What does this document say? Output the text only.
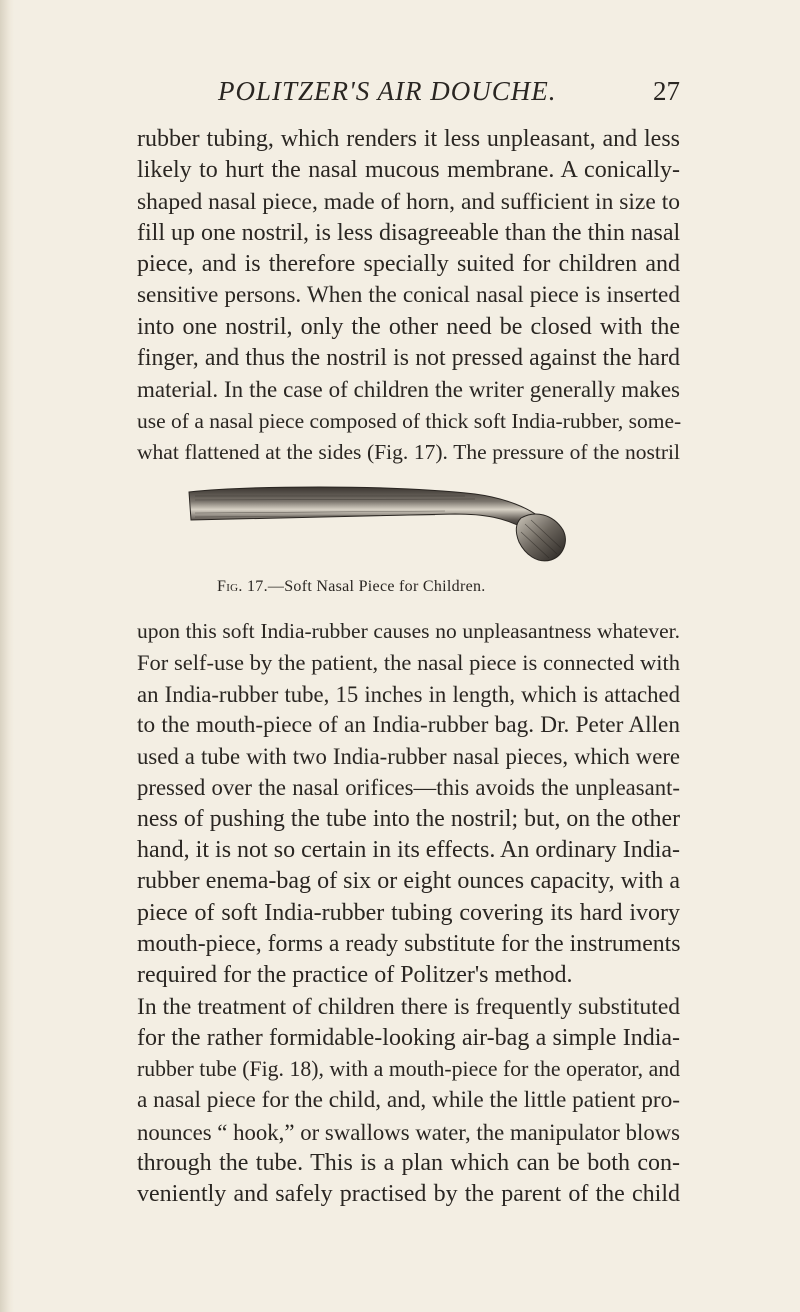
POLITZER'S AIR DOUCHE.	27
rubber tubing, which renders it less unpleasant, and less
likely to hurt the nasal mucous membrane. A conically-
shaped nasal piece, made of horn, and sufficient in size to
fill up one nostril, is less disagreeable than the thin nasal
piece, and is therefore specially suited for children and
sensitive persons. When the conical nasal piece is inserted
into one nostril, only the other need be closed with the
finger, and thus the nostril is not pressed against the hard
material. In the case of children the writer generally makes
use of a nasal piece composed of thick soft India-rubber, some-
what flattened at the sides (Fig. 17). The pressure of the nostril
Fig. 17.—Soft Nasal Piece for Children.
upon this soft India-rubber causes no unpleasantness whatever.
For self-use by the patient, the nasal piece is connected with
an India-rubber tube, 15 inches in length, which is attached
to the mouth-piece of an India-rubber bag. Dr. Peter Allen
used a tube with two India-rubber nasal pieces, which were
pressed over the nasal orifices—this avoids the unpleasant-
ness of pushing the tube into the nostril; but, on the other
hand, it is not so certain in its effects. An ordinary India-
rubber enema-bag of six or eight ounces capacity, with a
piece of soft India-rubber tubing covering its hard ivory
mouth-piece, forms a ready substitute for the instruments
required for the practice of Politzer's method.
In the treatment of children there is frequently substituted
for the rather formidable-looking air-bag a simple India-
rubber tube (Fig. 18), with a mouth-piece for the operator, and
a nasal piece for the child, and, while the little patient pro-
nounces “ hook,” or swallows water, the manipulator blows
through the tube. This is a plan which can be both con-
veniently and safely practised by the parent of the child
